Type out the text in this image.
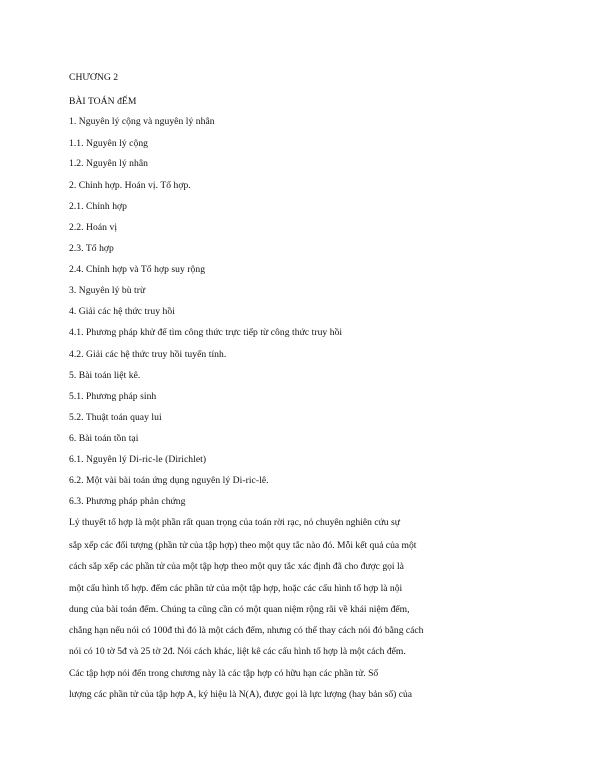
CHƯƠNG 2
BÀI TOÁN đẾM
1. Nguyên lý cộng và nguyên lý nhân
1.1. Nguyên lý cộng
1.2. Nguyên lý nhân
2. Chỉnh hợp. Hoán vị. Tổ hợp.
2.1. Chỉnh hợp
2.2. Hoán vị
2.3. Tổ hợp
2.4. Chỉnh hợp và Tổ hợp suy rộng
3. Nguyên lý bù trừ
4. Giải các hệ thức truy hồi
4.1. Phương pháp khử để tìm công thức trực tiếp từ công thức truy hồi
4.2. Giải các hệ thức truy hồi tuyến tính.
5. Bài toán liệt kê.
5.1. Phương pháp sinh
5.2. Thuật toán quay lui
6. Bài toán tồn tại
6.1. Nguyên lý Di-ric-le (Dirichlet)
6.2. Một vài bài toán ứng dụng nguyên lý Di-ric-lê.
6.3. Phương pháp phản chứng
Lý thuyết tổ hợp là một phần rất quan trọng của toán rời rạc, nó chuyên nghiên cứu sự
sắp xếp các đối tượng (phần tử của tập hợp) theo một quy tắc nào đó. Mỗi kết quả của một
cách sắp xếp các phần tử của một tập hợp theo một quy tắc xác định đã cho được gọi là
một cấu hình tổ hợp. đếm các phần tử của một tập hợp, hoặc các cấu hình tổ hợp là nội
dung của bài toán đếm. Chúng ta cũng cần có một quan niệm rộng rãi về khái niệm đếm,
chẳng hạn nếu nói có 100đ thì đó là một cách đếm, nhưng có thể thay cách nói đó bằng cách
nói có 10 tờ 5đ và 25 tờ 2đ. Nói cách khác, liệt kê các cấu hình tổ hợp là một cách đếm.
Các tập hợp nói đến trong chương này là các tập hợp có hữu hạn các phần tử. Số
lượng các phần tử của tập hợp A, ký hiệu là N(A), được gọi là lực lượng (hay bản số) của
